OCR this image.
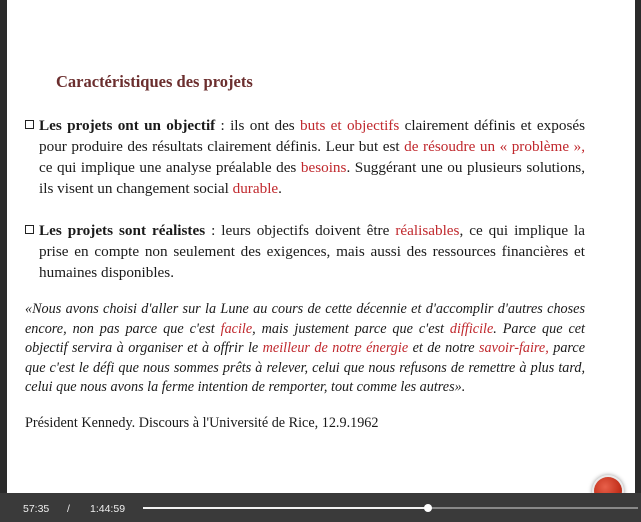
Caractéristiques des projets
Les projets ont un objectif : ils ont des buts et objectifs clairement définis et exposés pour produire des résultats clairement définis. Leur but est de résoudre un « problème », ce qui implique une analyse préalable des besoins. Suggérant une ou plusieurs solutions, ils visent un changement social durable.
Les projets sont réalistes : leurs objectifs doivent être réalisables, ce qui implique la prise en compte non seulement des exigences, mais aussi des ressources financières et humaines disponibles.
«Nous avons choisi d'aller sur la Lune au cours de cette décennie et d'accomplir d'autres choses encore, non pas parce que c'est facile, mais justement parce que c'est difficile. Parce que cet objectif servira à organiser et à offrir le meilleur de notre énergie et de notre savoir-faire, parce que c'est le défi que nous sommes prêts à relever, celui que nous refusons de remettre à plus tard, celui que nous avons la ferme intention de remporter, tout comme les autres».
Président Kennedy. Discours à l'Université de Rice, 12.9.1962
57:35 / 1:44:59
